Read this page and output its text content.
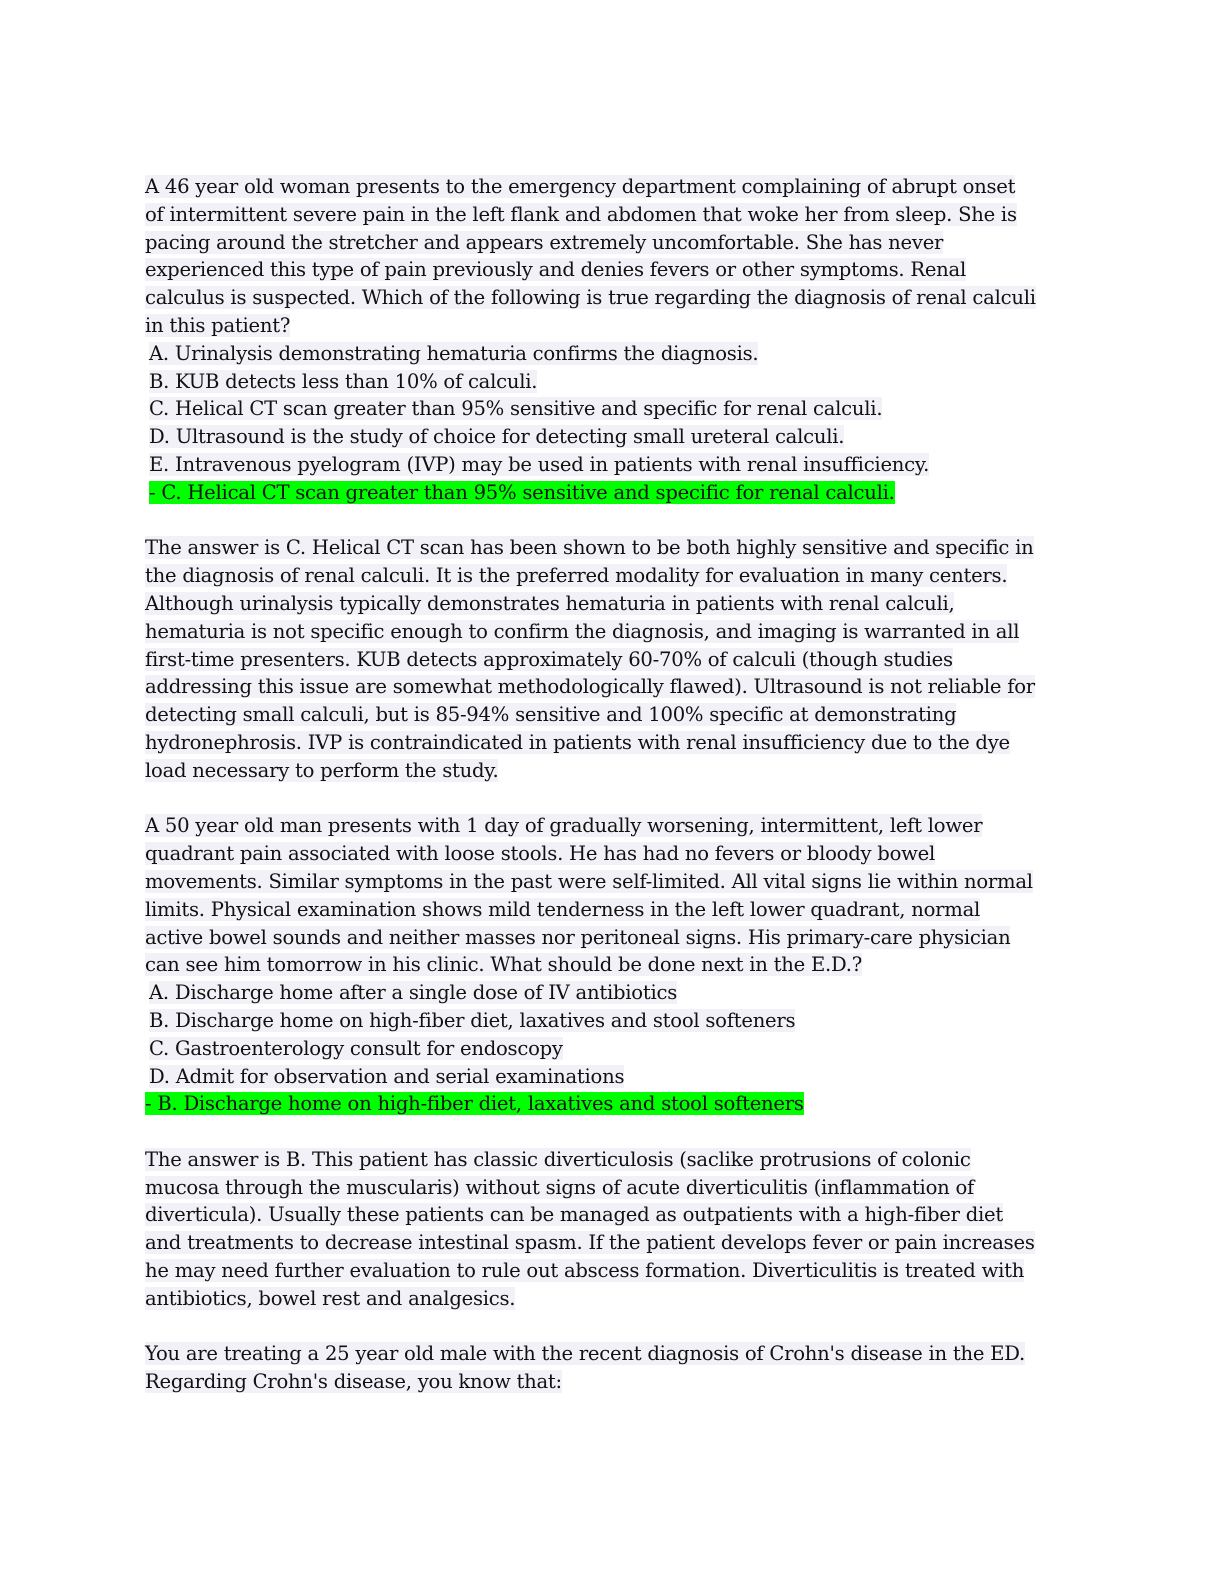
A 46 year old woman presents to the emergency department complaining of abrupt onset
of intermittent severe pain in the left flank and abdomen that woke her from sleep. She is
pacing around the stretcher and appears extremely uncomfortable. She has never
experienced this type of pain previously and denies fevers or other symptoms. Renal
calculus is suspected. Which of the following is true regarding the diagnosis of renal calculi
in this patient?
A. Urinalysis demonstrating hematuria confirms the diagnosis.
B. KUB detects less than 10% of calculi.
C. Helical CT scan greater than 95% sensitive and specific for renal calculi.
D. Ultrasound is the study of choice for detecting small ureteral calculi.
E. Intravenous pyelogram (IVP) may be used in patients with renal insufficiency.
- C. Helical CT scan greater than 95% sensitive and specific for renal calculi.
The answer is C. Helical CT scan has been shown to be both highly sensitive and specific in
the diagnosis of renal calculi. It is the preferred modality for evaluation in many centers.
Although urinalysis typically demonstrates hematuria in patients with renal calculi,
hematuria is not specific enough to confirm the diagnosis, and imaging is warranted in all
first-time presenters. KUB detects approximately 60-70% of calculi (though studies
addressing this issue are somewhat methodologically flawed). Ultrasound is not reliable for
detecting small calculi, but is 85-94% sensitive and 100% specific at demonstrating
hydronephrosis. IVP is contraindicated in patients with renal insufficiency due to the dye
load necessary to perform the study.
A 50 year old man presents with 1 day of gradually worsening, intermittent, left lower
quadrant pain associated with loose stools. He has had no fevers or bloody bowel
movements. Similar symptoms in the past were self-limited. All vital signs lie within normal
limits. Physical examination shows mild tenderness in the left lower quadrant, normal
active bowel sounds and neither masses nor peritoneal signs. His primary-care physician
can see him tomorrow in his clinic. What should be done next in the E.D.?
A. Discharge home after a single dose of IV antibiotics
B. Discharge home on high-fiber diet, laxatives and stool softeners
C. Gastroenterology consult for endoscopy
D. Admit for observation and serial examinations
- B. Discharge home on high-fiber diet, laxatives and stool softeners
The answer is B. This patient has classic diverticulosis (saclike protrusions of colonic
mucosa through the muscularis) without signs of acute diverticulitis (inflammation of
diverticula). Usually these patients can be managed as outpatients with a high-fiber diet
and treatments to decrease intestinal spasm. If the patient develops fever or pain increases
he may need further evaluation to rule out abscess formation. Diverticulitis is treated with
antibiotics, bowel rest and analgesics.
You are treating a 25 year old male with the recent diagnosis of Crohn's disease in the ED.
Regarding Crohn's disease, you know that:
